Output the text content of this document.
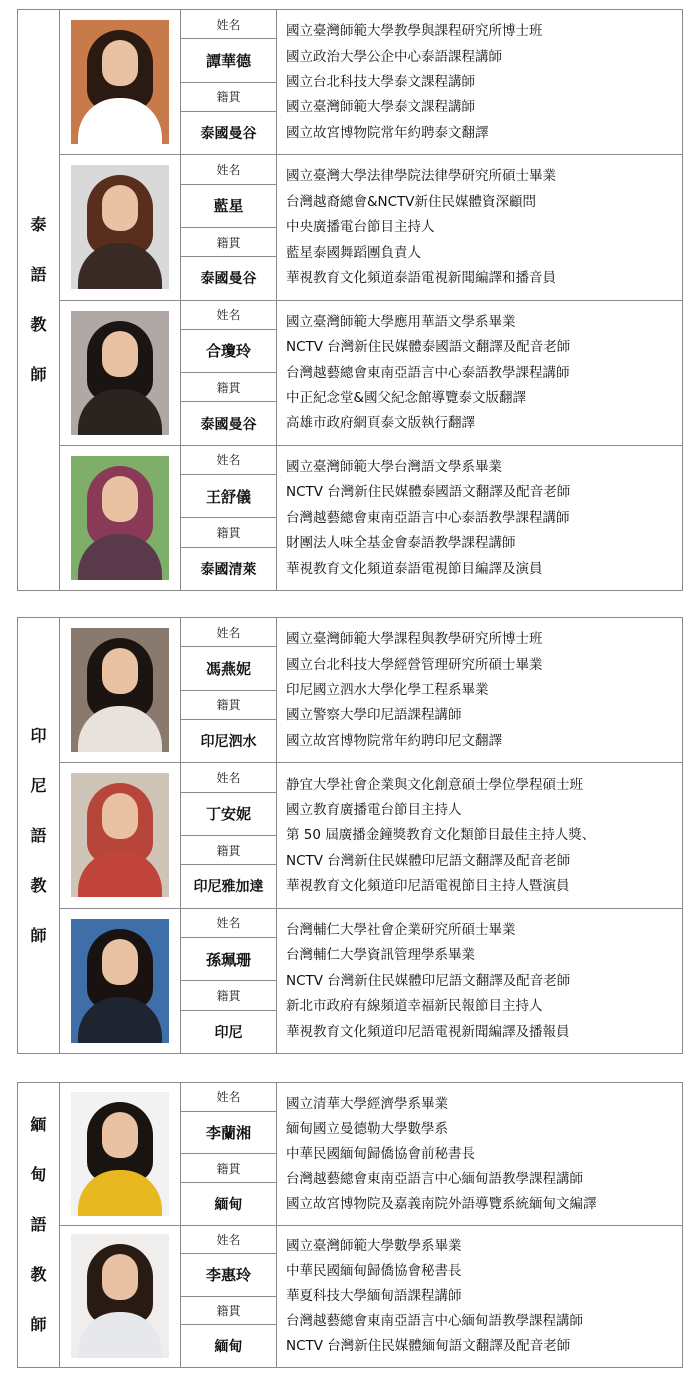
泰
語
教
師
姓名
譚華德
籍貫
泰國曼谷
國立臺灣師範大學教學與課程研究所博士班
國立政治大學公企中心泰語課程講師
國立台北科技大學泰文課程講師
國立臺灣師範大學泰文課程講師
國立故宮博物院常年約聘泰文翻譯
姓名
藍星
籍貫
泰國曼谷
國立臺灣大學法律學院法律學研究所碩士畢業
台灣越裔總會&NCTV新住民媒體資深顧問
中央廣播電台節目主持人
藍星泰國舞蹈團負責人
華視教育文化頻道泰語電視新聞編譯和播音員
姓名
合瓊玲
籍貫
泰國曼谷
國立臺灣師範大學應用華語文學系畢業
NCTV 台灣新住民媒體泰國語文翻譯及配音老師
台灣越藝總會東南亞語言中心泰語教學課程講師
中正紀念堂&國父紀念館導覽泰文版翻譯
高雄市政府網頁泰文版執行翻譯
姓名
王舒儀
籍貫
泰國清萊
國立臺灣師範大學台灣語文學系畢業
NCTV 台灣新住民媒體泰國語文翻譯及配音老師
台灣越藝總會東南亞語言中心泰語教學課程講師
財團法人味全基金會泰語教學課程講師
華視教育文化頻道泰語電視節目編譯及演員
印
尼
語
教
師
姓名
馮燕妮
籍貫
印尼泗水
國立臺灣師範大學課程與教學研究所博士班
國立台北科技大學經營管理研究所碩士畢業
印尼國立泗水大學化學工程系畢業
國立警察大學印尼語課程講師
國立故宮博物院常年約聘印尼文翻譯
姓名
丁安妮
籍貫
印尼雅加達
静宜大學社會企業與文化創意碩士學位學程碩士班
國立教育廣播電台節目主持人
第 50 屆廣播金鐘獎教育文化類節目最佳主持人獎、
NCTV 台灣新住民媒體印尼語文翻譯及配音老師
華視教育文化頻道印尼語電視節目主持人暨演員
姓名
孫珮珊
籍貫
印尼
台灣輔仁大學社會企業研究所碩士畢業
台灣輔仁大學資訊管理學系畢業
NCTV 台灣新住民媒體印尼語文翻譯及配音老師
新北市政府有線頻道幸福新民報節目主持人
華視教育文化頻道印尼語電視新聞編譯及播報員
緬
甸
語
教
師
姓名
李蘭湘
籍貫
緬甸
國立清華大學經濟學系畢業
緬甸國立曼德勒大學數學系
中華民國緬甸歸僑協會前秘書長
台灣越藝總會東南亞語言中心緬甸語教學課程講師
國立故宮博物院及嘉義南院外語導覽系統緬甸文編譯
姓名
李惠玲
籍貫
緬甸
國立臺灣師範大學數學系畢業
中華民國緬甸歸僑協會秘書長
華夏科技大學緬甸語課程講師
台灣越藝總會東南亞語言中心緬甸語教學課程講師
NCTV 台灣新住民媒體緬甸語文翻譯及配音老師
